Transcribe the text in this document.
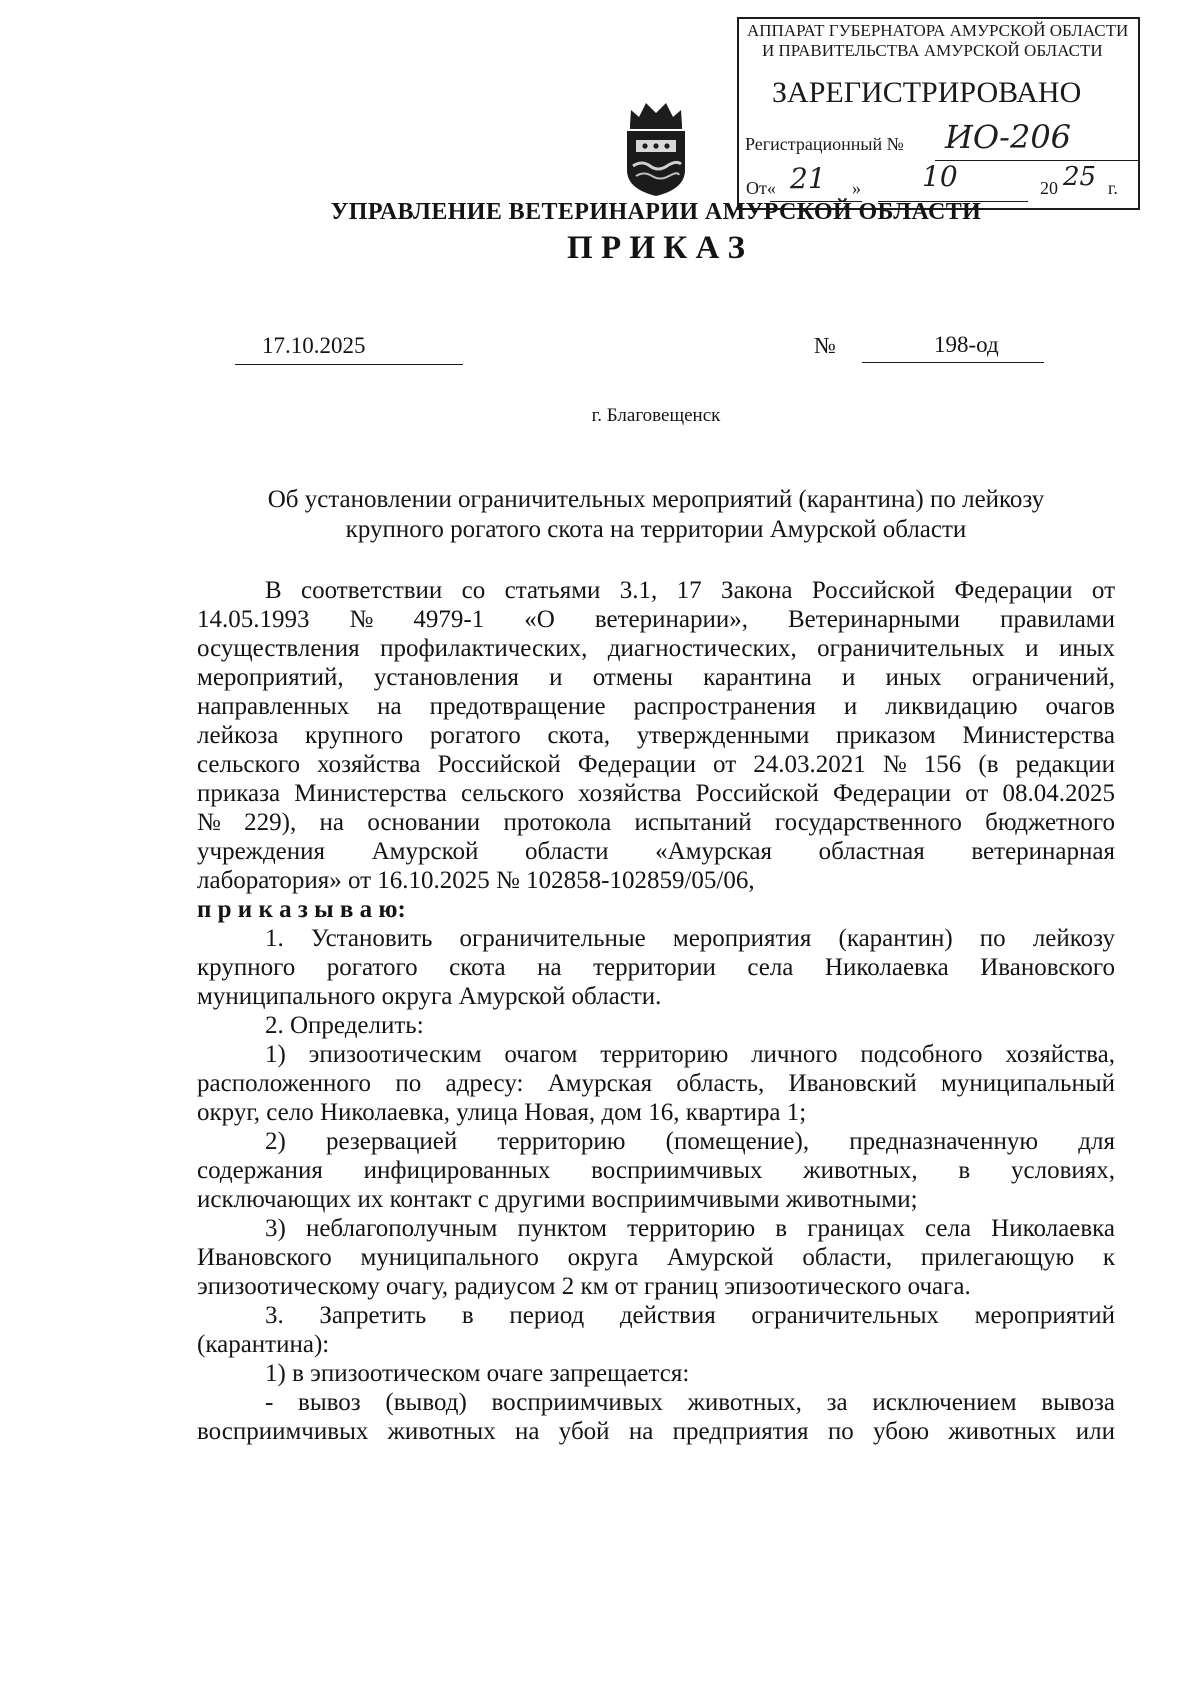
АППАРАТ ГУБЕРНАТОРА АМУРСКОЙ ОБЛАСТИ
И ПРАВИТЕЛЬСТВА АМУРСКОЙ ОБЛАСТИ
ЗАРЕГИСТРИРОВАНО
Регистрационный № ИО-206
От« 21 » 10	20 25 г.
УПРАВЛЕНИЕ ВЕТЕРИНАРИИ АМУРСКОЙ ОБЛАСТИ
П Р И К А З
17.10.2025	№	198-од
г. Благовещенск
Об установлении ограничительных мероприятий (карантина) по лейкозу
крупного рогатого скота на территории Амурской области
В соответствии со статьями 3.1, 17 Закона Российской Федерации от
14.05.1993 № 4979-1 «О ветеринарии», Ветеринарными правилами
осуществления профилактических, диагностических, ограничительных и иных
мероприятий, установления и отмены карантина и иных ограничений,
направленных на предотвращение распространения и ликвидацию очагов
лейкоза крупного рогатого скота, утвержденными приказом Министерства
сельского хозяйства Российской Федерации от 24.03.2021 № 156 (в редакции
приказа Министерства сельского хозяйства Российской Федерации от 08.04.2025
№ 229), на основании протокола испытаний государственного бюджетного
учреждения Амурской области «Амурская областная ветеринарная
лаборатория» от 16.10.2025 № 102858-102859/05/06,
п р и к а з ы в а ю:
1. Установить ограничительные мероприятия (карантин) по лейкозу
крупного рогатого скота на территории села Николаевка Ивановского
муниципального округа Амурской области.
2. Определить:
1) эпизоотическим очагом территорию личного подсобного хозяйства,
расположенного по адресу: Амурская область, Ивановский муниципальный
округ, село Николаевка, улица Новая, дом 16, квартира 1;
2) резервацией территорию (помещение), предназначенную для
содержания инфицированных восприимчивых животных, в условиях,
исключающих их контакт с другими восприимчивыми животными;
3) неблагополучным пунктом территорию в границах села Николаевка
Ивановского муниципального округа Амурской области, прилегающую к
эпизоотическому очагу, радиусом 2 км от границ эпизоотического очага.
3. Запретить в период действия ограничительных мероприятий
(карантина):
1) в эпизоотическом очаге запрещается:
- вывоз (вывод) восприимчивых животных, за исключением вывоза
восприимчивых животных на убой на предприятия по убою животных или
